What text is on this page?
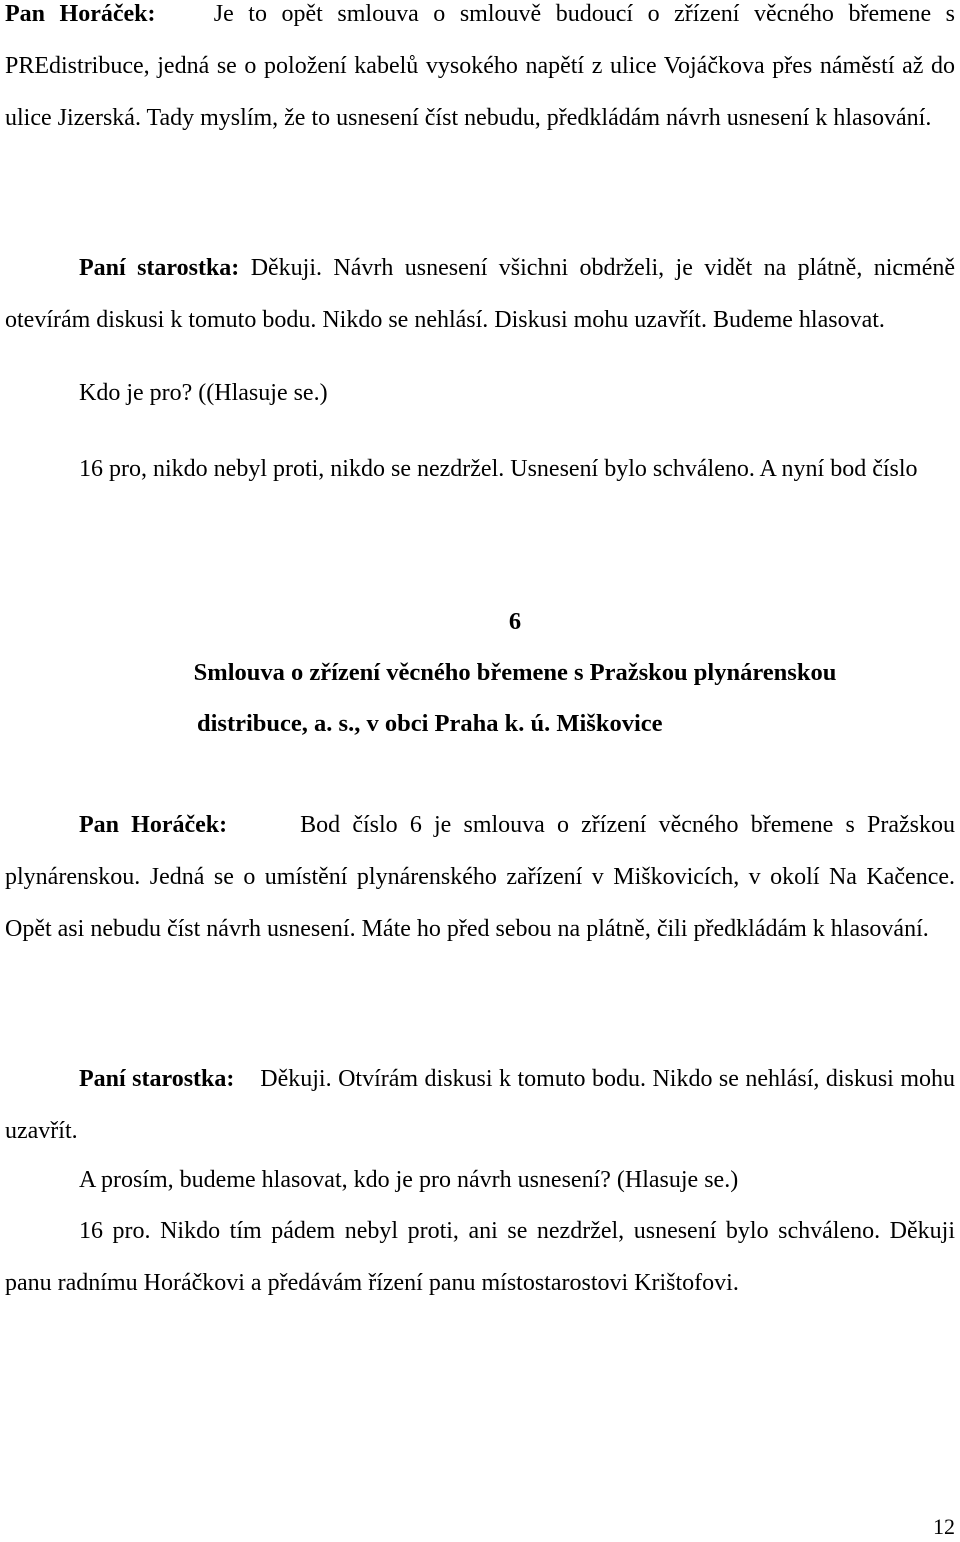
Pan Horáček: Je to opět smlouva o smlouvě budoucí o zřízení věcného břemene s PREdistribuce, jedná se o položení kabelů vysokého napětí z ulice Vojáčkova přes náměstí až do ulice Jizerská. Tady myslím, že to usnesení číst nebudu, předkládám návrh usnesení k hlasování.

Paní starostka: Děkuji. Návrh usnesení všichni obdrželi, je vidět na plátně, nicméně otevírám diskusi k tomuto bodu. Nikdo se nehlásí. Diskusi mohu uzavřít. Budeme hlasovat.

Kdo je pro? ((Hlasuje se.)

16 pro, nikdo nebyl proti, nikdo se nezdržel. Usnesení bylo schváleno. A nyní bod číslo

6
Smlouva o zřízení věcného břemene s Pražskou plynárenskou
distribuce, a. s., v obci Praha k. ú. Miškovice

Pan Horáček:	Bod číslo 6 je smlouva o zřízení věcného břemene s Pražskou plynárenskou. Jedná se o umístění plynárenského zařízení v Miškovicích, v okolí Na Kačence. Opět asi nebudu číst návrh usnesení. Máte ho před sebou na plátně, čili předkládám k hlasování.

Paní starostka: Děkuji. Otvírám diskusi k tomuto bodu. Nikdo se nehlásí, diskusi mohu uzavřít.

A prosím, budeme hlasovat, kdo je pro návrh usnesení? (Hlasuje se.)

16 pro. Nikdo tím pádem nebyl proti, ani se nezdržel, usnesení bylo schváleno. Děkuji panu radnímu Horáčkovi a předávám řízení panu místostarostovi Krištofovi.

12
